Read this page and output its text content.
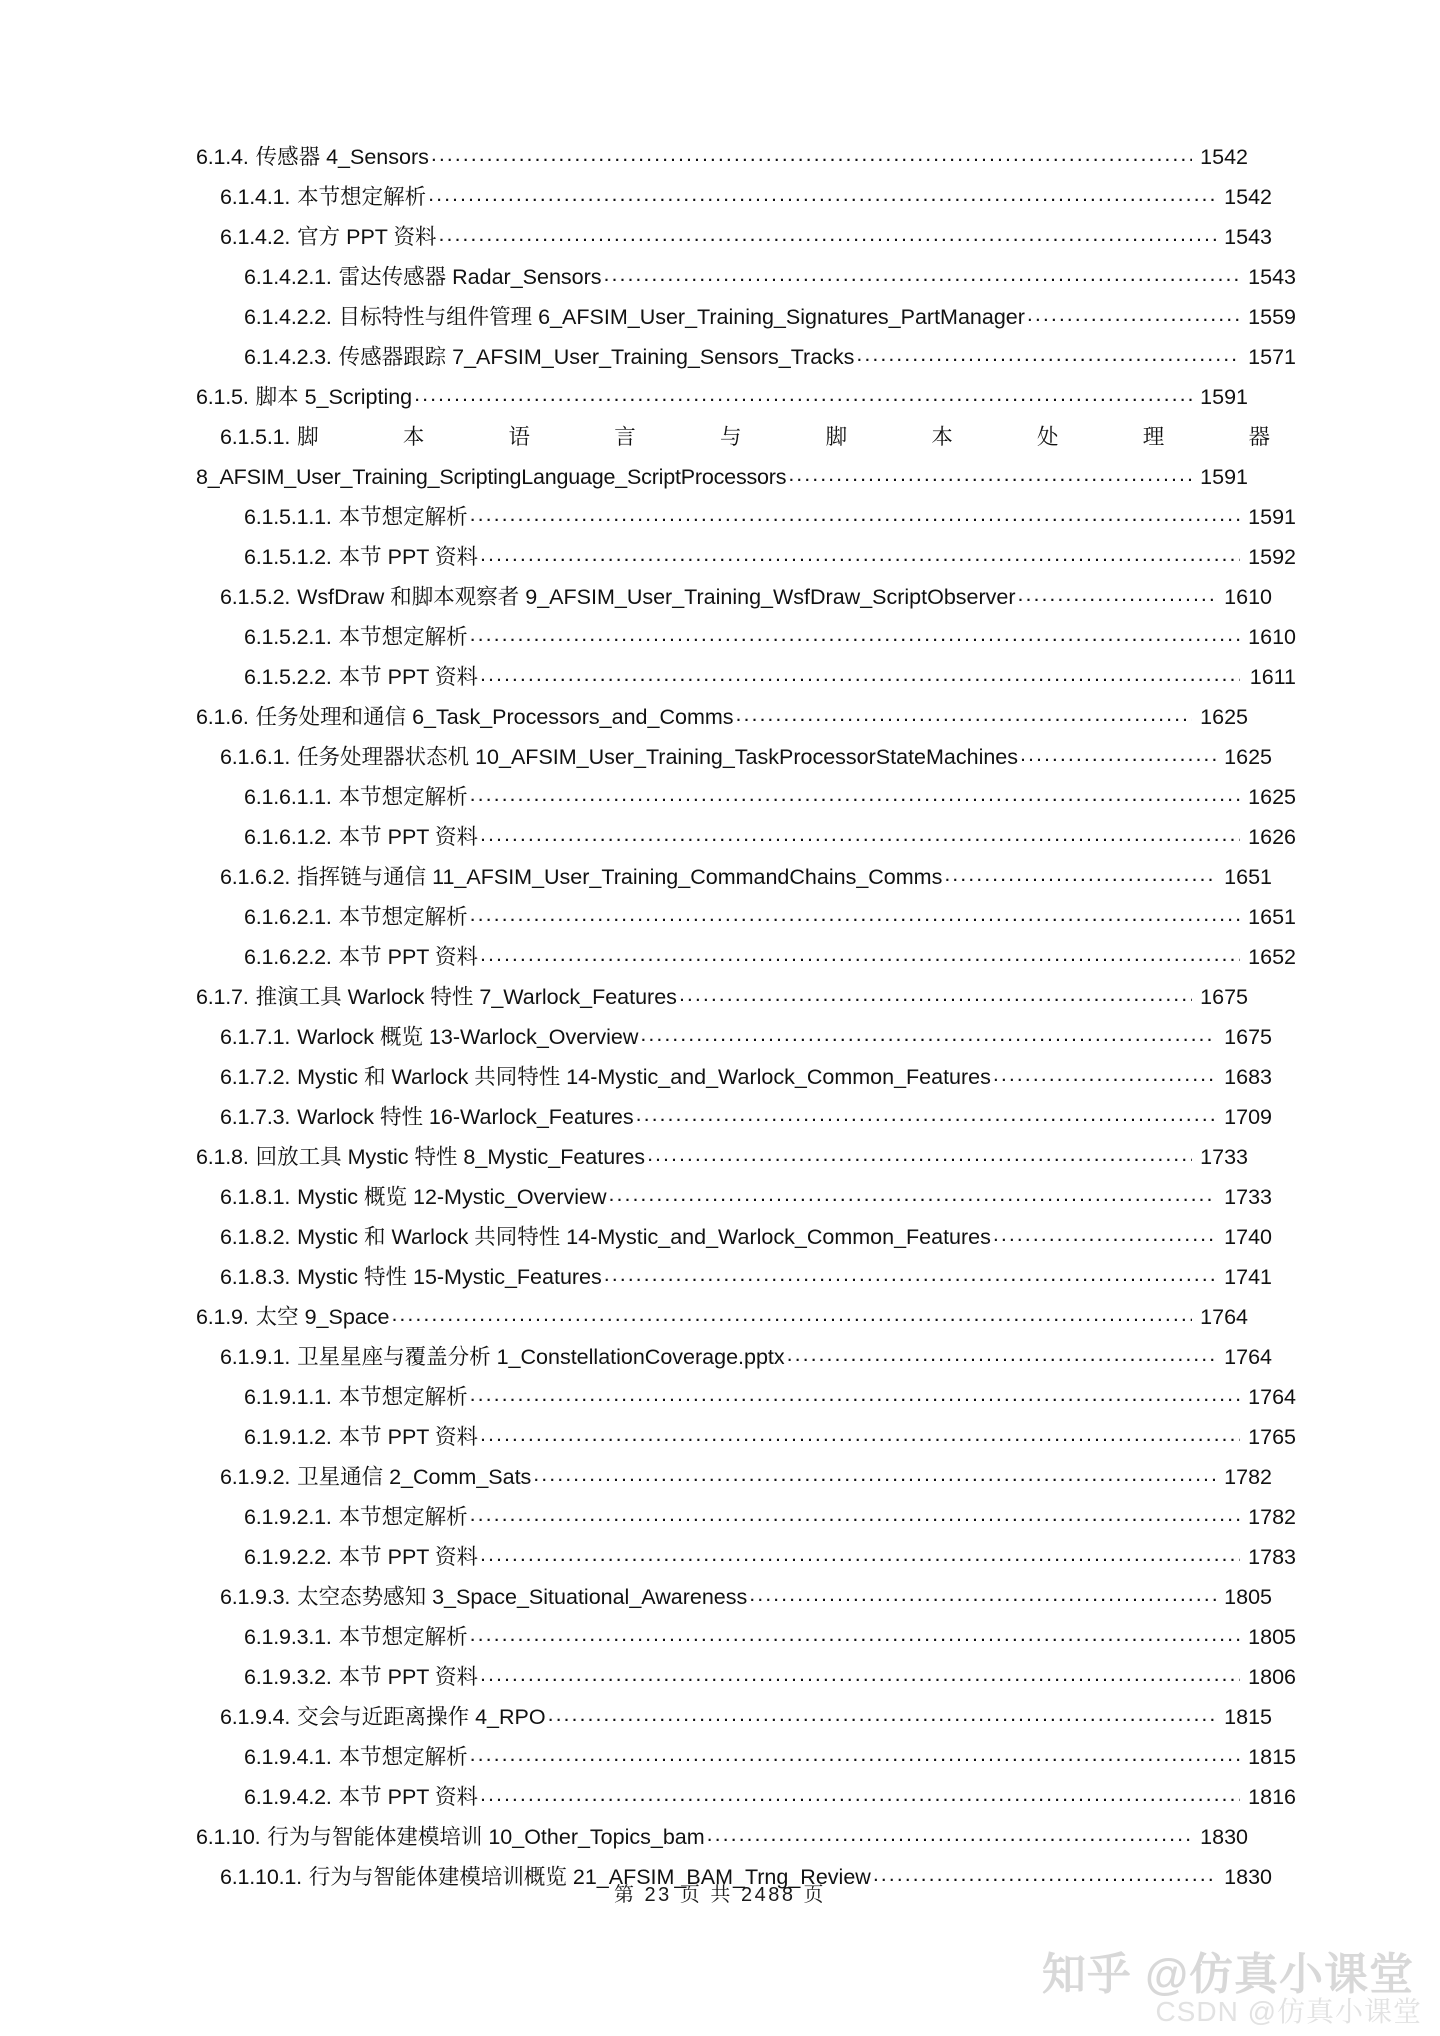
6.1.4. 传感器 4_Sensors .....	1542
6.1.4.1. 本节想定解析 .....	1542
6.1.4.2. 官方 PPT 资料 .....	1543
6.1.4.2.1. 雷达传感器 Radar_Sensors .....	1543
6.1.4.2.2. 目标特性与组件管理 6_AFSIM_User_Training_Signatures_PartManager .....	1559
6.1.4.2.3. 传感器跟踪 7_AFSIM_User_Training_Sensors_Tracks .....	1571
6.1.5. 脚本 5_Scripting .....	1591
6.1.5.1. 脚	本	语	言	与	脚	本	处	理	器
8_AFSIM_User_Training_ScriptingLanguage_ScriptProcessors .....	1591
6.1.5.1.1. 本节想定解析 .....	1591
6.1.5.1.2. 本节 PPT 资料 .....	1592
6.1.5.2. WsfDraw 和脚本观察者 9_AFSIM_User_Training_WsfDraw_ScriptObserver .....	1610
6.1.5.2.1. 本节想定解析 .....	1610
6.1.5.2.2. 本节 PPT 资料 .....	1611
6.1.6. 任务处理和通信 6_Task_Processors_and_Comms .....	1625
6.1.6.1. 任务处理器状态机 10_AFSIM_User_Training_TaskProcessorStateMachines .....	1625
6.1.6.1.1. 本节想定解析 .....	1625
6.1.6.1.2. 本节 PPT 资料 .....	1626
6.1.6.2. 指挥链与通信 11_AFSIM_User_Training_CommandChains_Comms .....	1651
6.1.6.2.1. 本节想定解析 .....	1651
6.1.6.2.2. 本节 PPT 资料 .....	1652
6.1.7. 推演工具 Warlock 特性 7_Warlock_Features .....	1675
6.1.7.1. Warlock 概览 13-Warlock_Overview .....	1675
6.1.7.2. Mystic 和 Warlock 共同特性 14-Mystic_and_Warlock_Common_Features .....	1683
6.1.7.3. Warlock 特性 16-Warlock_Features .....	1709
6.1.8. 回放工具 Mystic 特性 8_Mystic_Features .....	1733
6.1.8.1. Mystic 概览 12-Mystic_Overview .....	1733
6.1.8.2. Mystic 和 Warlock 共同特性 14-Mystic_and_Warlock_Common_Features .....	1740
6.1.8.3. Mystic 特性 15-Mystic_Features .....	1741
6.1.9. 太空 9_Space .....	1764
6.1.9.1. 卫星星座与覆盖分析 1_ConstellationCoverage.pptx .....	1764
6.1.9.1.1. 本节想定解析 .....	1764
6.1.9.1.2. 本节 PPT 资料 .....	1765
6.1.9.2. 卫星通信 2_Comm_Sats .....	1782
6.1.9.2.1. 本节想定解析 .....	1782
6.1.9.2.2. 本节 PPT 资料 .....	1783
6.1.9.3. 太空态势感知 3_Space_Situational_Awareness .....	1805
6.1.9.3.1. 本节想定解析 .....	1805
6.1.9.3.2. 本节 PPT 资料 .....	1806
6.1.9.4. 交会与近距离操作 4_RPO .....	1815
6.1.9.4.1. 本节想定解析 .....	1815
6.1.9.4.2. 本节 PPT 资料 .....	1816
6.1.10. 行为与智能体建模培训 10_Other_Topics_bam .....	1830
6.1.10.1. 行为与智能体建模培训概览 21_AFSIM_BAM_Trng_Review .....	1830
第 23 页 共 2488 页
知乎 @仿真小课堂
CSDN @仿真小课堂
